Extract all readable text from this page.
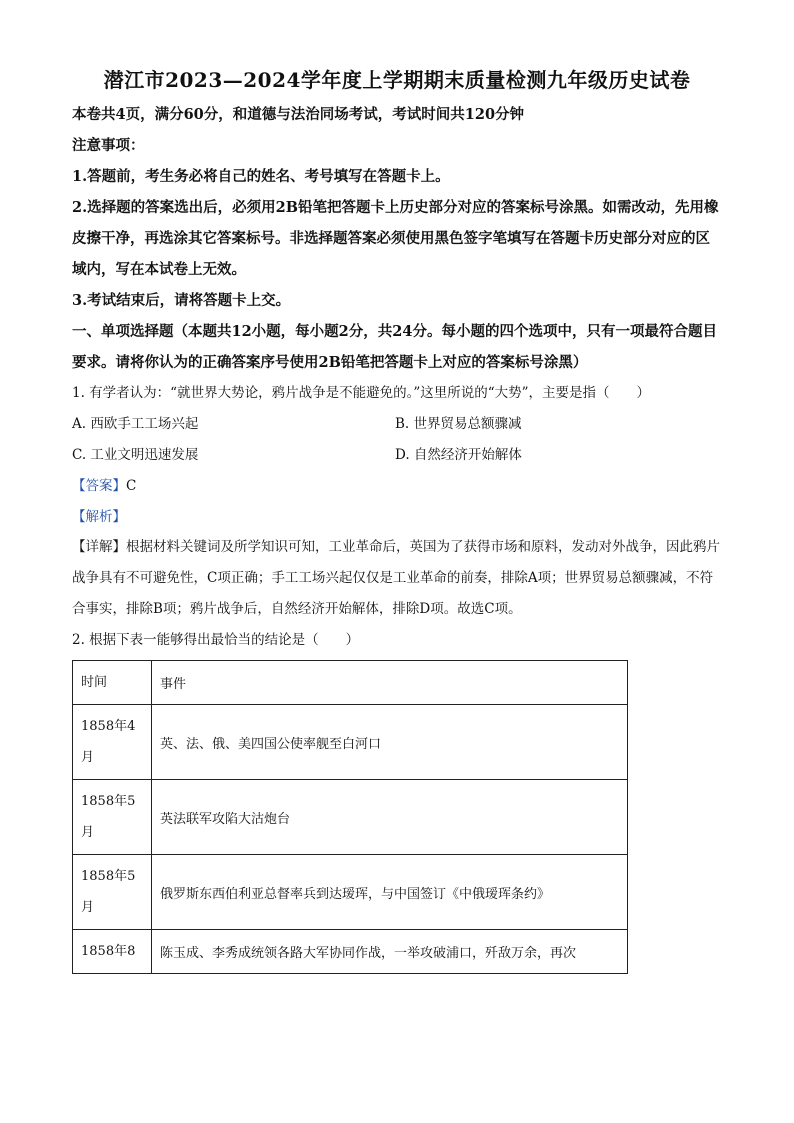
潜江市2023—2024学年度上学期期末质量检测九年级历史试卷
本卷共4页，满分60分，和道德与法治同场考试，考试时间共120分钟
注意事项：
1.答题前，考生务必将自己的姓名、考号填写在答题卡上。
2.选择题的答案选出后，必须用2B铅笔把答题卡上历史部分对应的答案标号涂黑。如需改动，先用橡皮擦干净，再选涂其它答案标号。非选择题答案必须使用黑色签字笔填写在答题卡历史部分对应的区域内，写在本试卷上无效。
3.考试结束后，请将答题卡上交。
一、单项选择题（本题共12小题，每小题2分，共24分。每小题的四个选项中，只有一项最符合题目要求。请将你认为的正确答案序号使用2B铅笔把答题卡上对应的答案标号涂黑）
1. 有学者认为：“就世界大势论，鸦片战争是不能避免的。”这里所说的“大势”，主要是指（　　）
A. 西欧手工工场兴起	B. 世界贸易总额骤减
C. 工业文明迅速发展	D. 自然经济开始解体
【答案】C
【解析】
【详解】根据材料关键词及所学知识可知，工业革命后，英国为了获得市场和原料，发动对外战争，因此鸦片战争具有不可避免性，C项正确；手工工场兴起仅仅是工业革命的前奏，排除A项；世界贸易总额骤减，不符合事实，排除B项；鸦片战争后，自然经济开始解体，排除D项。故选C项。
2. 根据下表一能够得出最恰当的结论是（　　）
时间	事件
1858年4月	英、法、俄、美四国公使率舰至白河口
1858年5月	英法联军攻陷大沽炮台
1858年5月	俄罗斯东西伯利亚总督率兵到达瑷珲，与中国签订《中俄瑷珲条约》
1858年8	陈玉成、李秀成统领各路大军协同作战，一举攻破浦口，歼敌万余，再次
